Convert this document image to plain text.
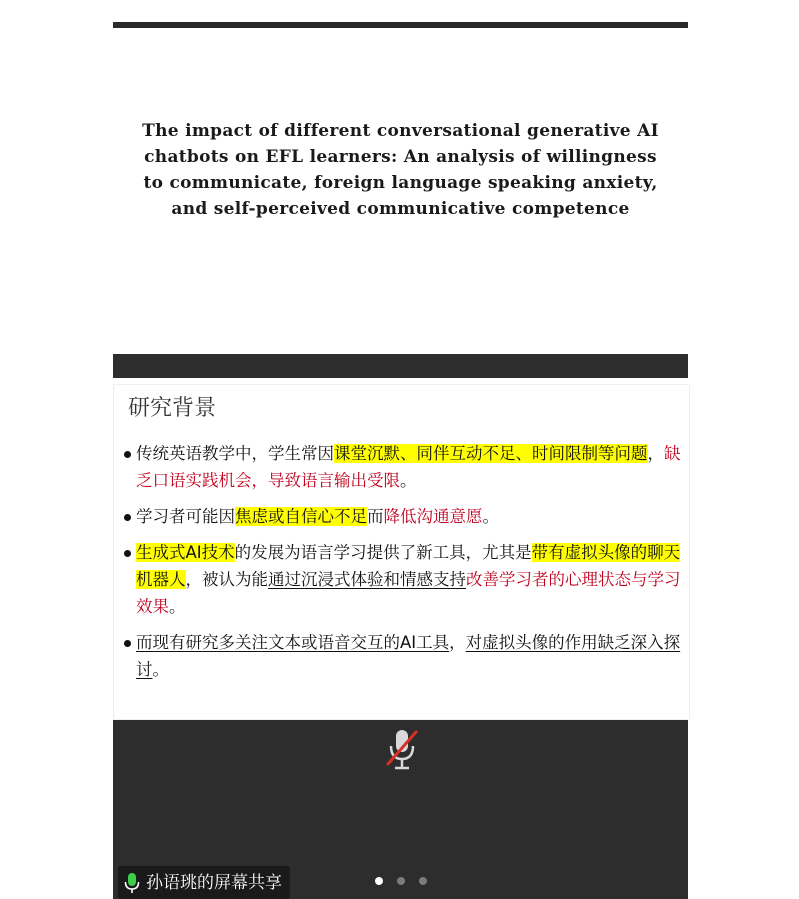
The impact of different conversational generative AI
chatbots on EFL learners: An analysis of willingness
to communicate, foreign language speaking anxiety,
and self-perceived communicative competence
研究背景
传统英语教学中，学生常因课堂沉默、同伴互动不足、时间限制等问题，缺乏口语实践机会，导致语言输出受限。
学习者可能因焦虑或自信心不足而降低沟通意愿。
生成式AI技术的发展为语言学习提供了新工具，尤其是带有虚拟头像的聊天机器人，被认为能通过沉浸式体验和情感支持改善学习者的心理状态与学习效果。
而现有研究多关注文本或语音交互的AI工具，对虚拟头像的作用缺乏深入探讨。
孙语珧的屏幕共享
